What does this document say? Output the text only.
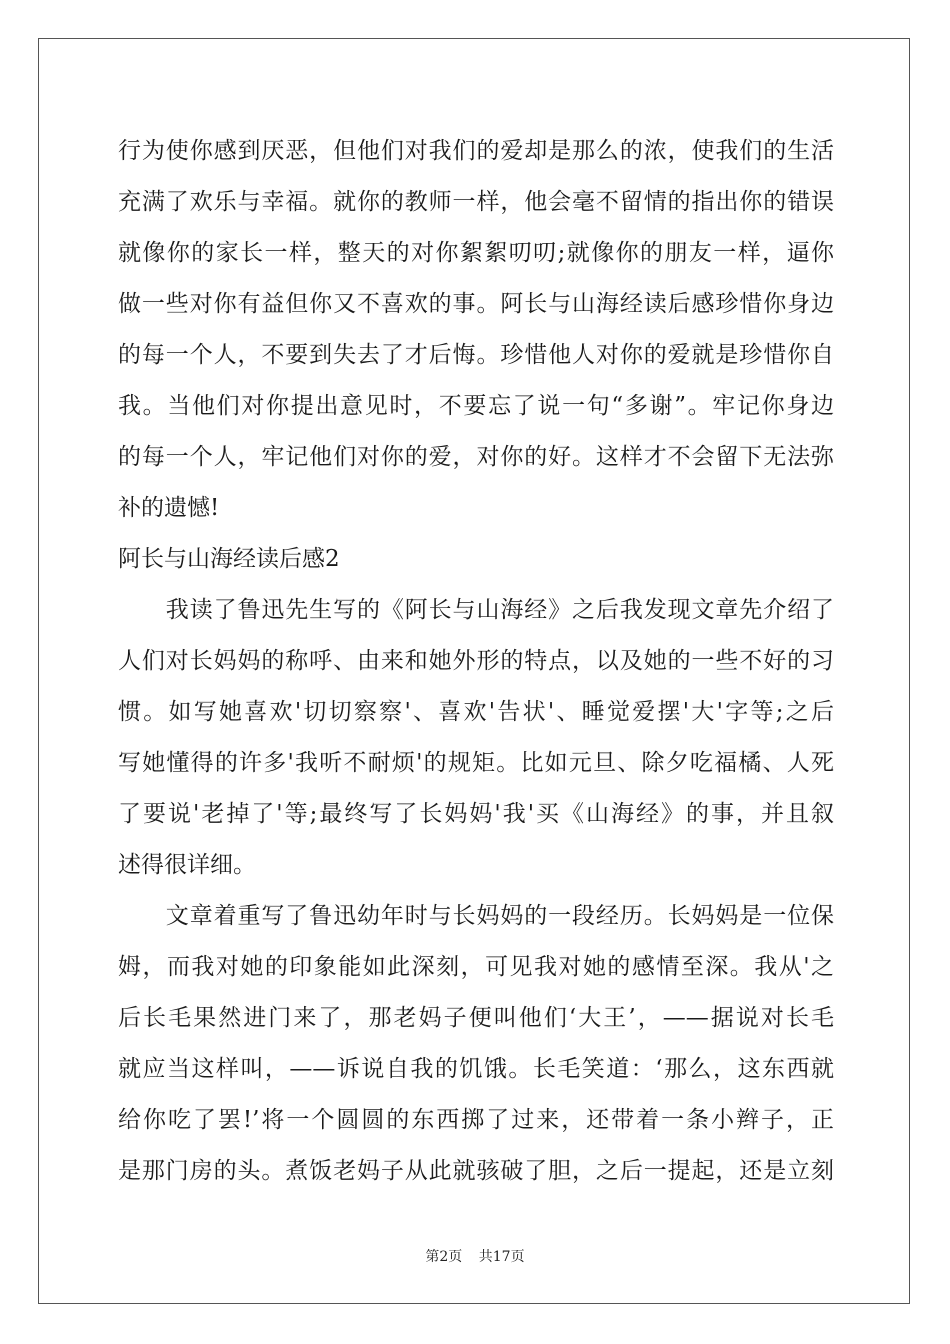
行为使你感到厌恶，但他们对我们的爱却是那么的浓，使我们的生活
充满了欢乐与幸福。就你的教师一样，他会毫不留情的指出你的错误
就像你的家长一样，整天的对你絮絮叨叨;就像你的朋友一样，逼你
做一些对你有益但你又不喜欢的事。阿长与山海经读后感珍惜你身边
的每一个人，不要到失去了才后悔。珍惜他人对你的爱就是珍惜你自
我。当他们对你提出意见时，不要忘了说一句“多谢”。牢记你身边
的每一个人，牢记他们对你的爱，对你的好。这样才不会留下无法弥
补的遗憾!
阿长与山海经读后感2
　　我读了鲁迅先生写的《阿长与山海经》之后我发现文章先介绍了
人们对长妈妈的称呼、由来和她外形的特点，以及她的一些不好的习
惯。如写她喜欢'切切察察'、喜欢'告状'、睡觉爱摆'大'字等;之后
写她懂得的许多'我听不耐烦'的规矩。比如元旦、除夕吃福橘、人死
了要说'老掉了'等;最终写了长妈妈'我'买《山海经》的事，并且叙
述得很详细。
　　文章着重写了鲁迅幼年时与长妈妈的一段经历。长妈妈是一位保
姆，而我对她的印象能如此深刻，可见我对她的感情至深。我从'之
后长毛果然进门来了，那老妈子便叫他们‘大王’，——据说对长毛
就应当这样叫，——诉说自我的饥饿。长毛笑道：‘那么，这东西就
给你吃了罢!’将一个圆圆的东西掷了过来，还带着一条小辫子，正
是那门房的头。煮饭老妈子从此就骇破了胆，之后一提起，还是立刻
第2页 共17页
